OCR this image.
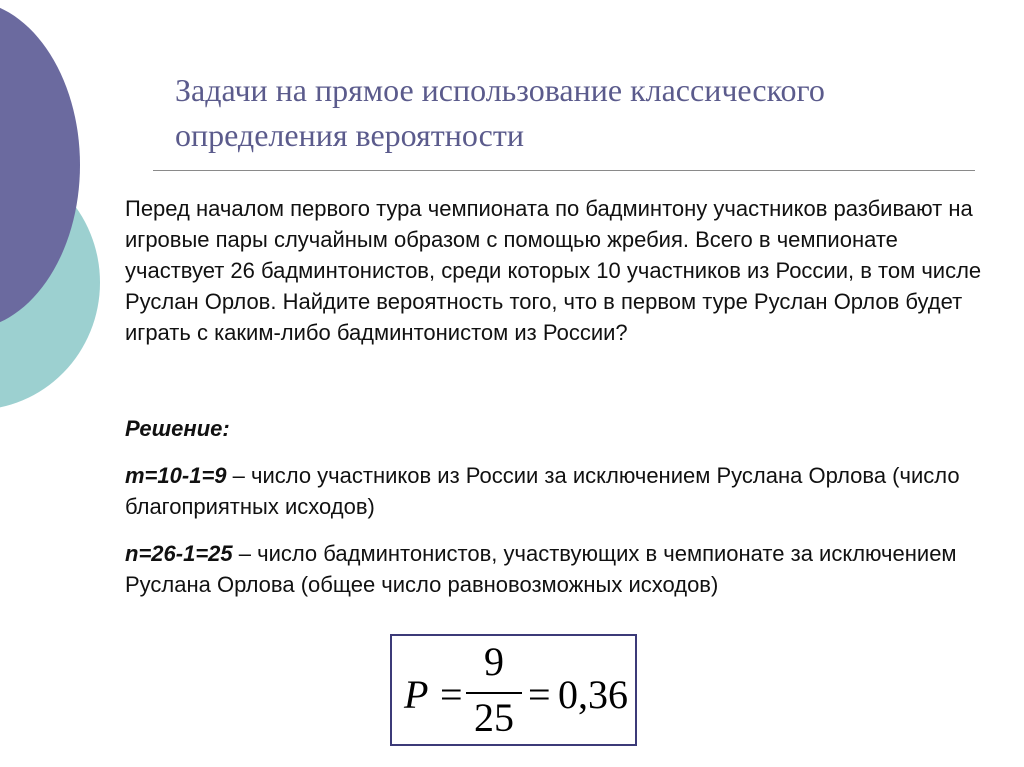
Задачи на прямое использование классического определения вероятности
Перед началом первого тура чемпионата по бадминтону участников разбивают на игровые пары случайным образом с помощью жребия. Всего в чемпионате участвует 26 бадминтонистов, среди которых 10 участников из России, в том числе Руслан Орлов. Найдите вероятность того, что в первом туре Руслан Орлов будет играть с каким-либо бадминтонистом из России?
Решение:
m=10-1=9 – число участников из России за исключением Руслана Орлова (число благоприятных исходов)
n=26-1=25 – число бадминтонистов, участвующих в чемпионате за исключением Руслана Орлова (общее число равновозможных исходов)
P =
9
25
= 0,36
